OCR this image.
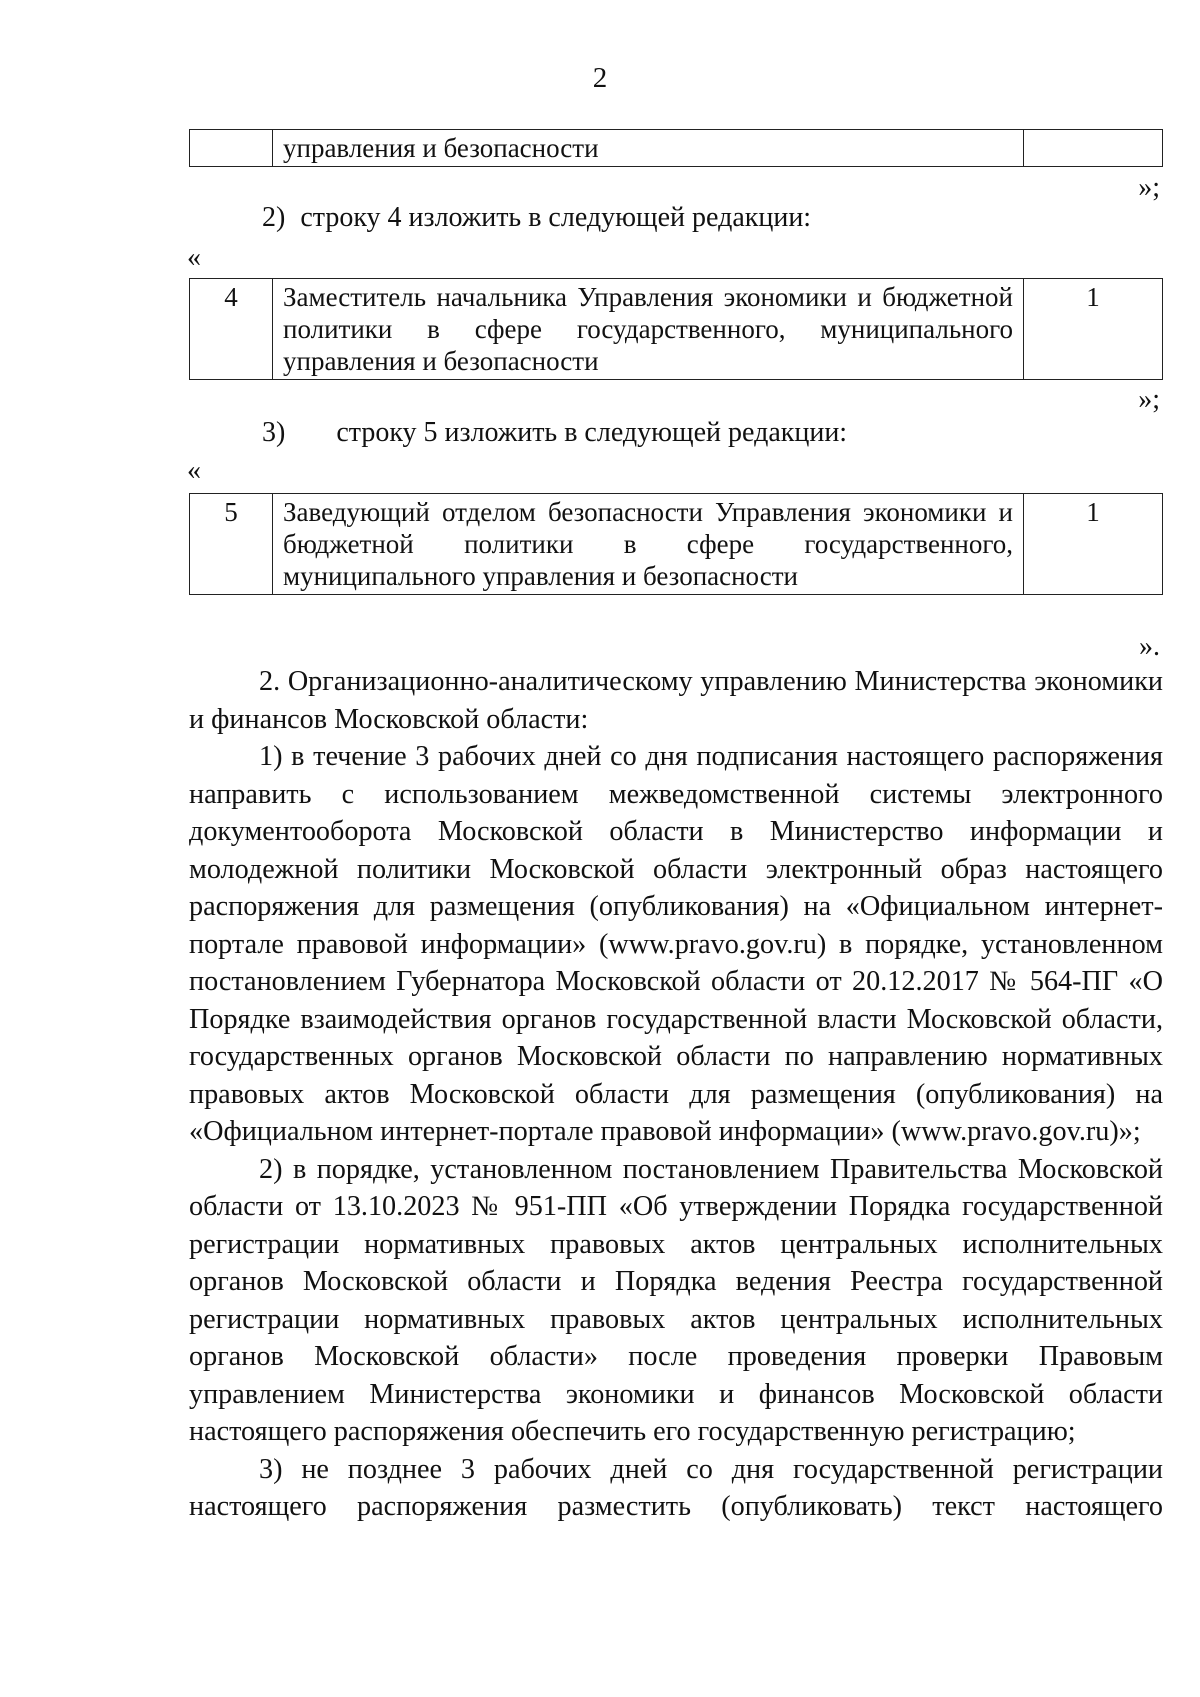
2
	управления и безопасности	
»;
2) строку 4 изложить в следующей редакции:
«
4	Заместитель начальника Управления экономики и бюджетной политики в сфере государственного, муниципального управления и безопасности	1
»;
3) строку 5 изложить в следующей редакции:
«
5	Заведующий отделом безопасности Управления экономики и бюджетной политики в сфере государственного, муниципального управления и безопасности	1
».

2. Организационно-аналитическому управлению Министерства экономики и финансов Московской области:

1) в течение 3 рабочих дней со дня подписания настоящего распоряжения направить с использованием межведомственной системы электронного документооборота Московской области в Министерство информации и молодежной политики Московской области электронный образ настоящего распоряжения для размещения (опубликования) на «Официальном интернет-портале правовой информации» (www.pravo.gov.ru) в порядке, установленном постановлением Губернатора Московской области от 20.12.2017 № 564-ПГ «О Порядке взаимодействия органов государственной власти Московской области, государственных органов Московской области по направлению нормативных правовых актов Московской области для размещения (опубликования) на «Официальном интернет-портале правовой информации» (www.pravo.gov.ru)»;

2) в порядке, установленном постановлением Правительства Московской области от 13.10.2023 № 951-ПП «Об утверждении Порядка государственной регистрации нормативных правовых актов центральных исполнительных органов Московской области и Порядка ведения Реестра государственной регистрации нормативных правовых актов центральных исполнительных органов Московской области» после проведения проверки Правовым управлением Министерства экономики и финансов Московской области настоящего распоряжения обеспечить его государственную регистрацию;

3) не позднее 3 рабочих дней со дня государственной регистрации настоящего распоряжения разместить (опубликовать) текст настоящего
